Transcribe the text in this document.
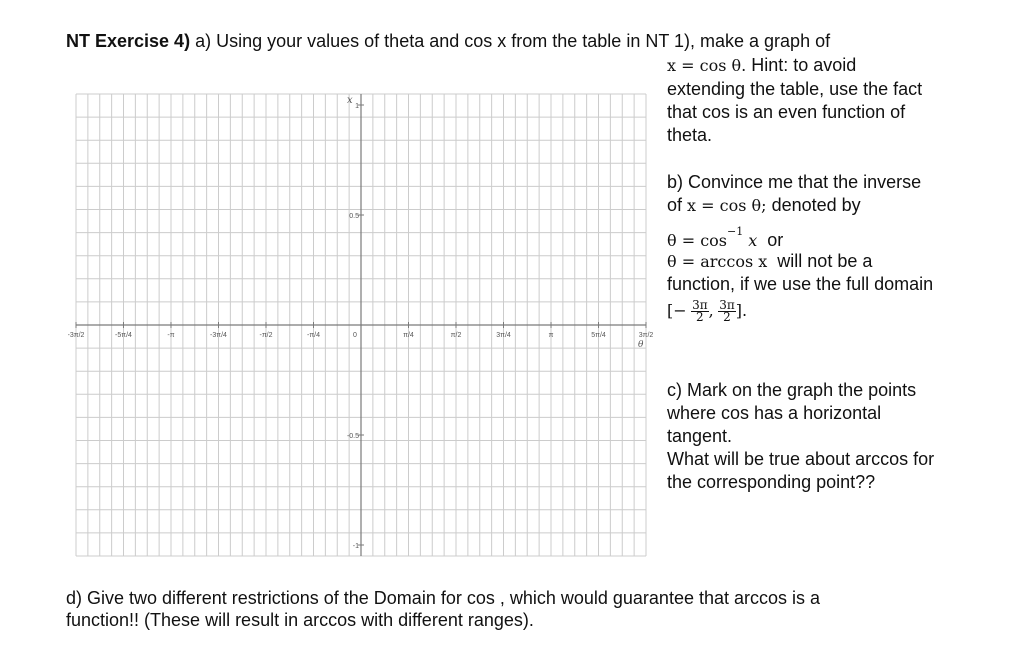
NT Exercise 4) a) Using your values of theta and cos x from the table in NT 1), make a graph of
x = cos θ. Hint: to avoid
extending the table, use the fact
that cos is an even function of
theta.
b) Convince me that the inverse
of x = cos θ; denoted by
$\theta = \cos^{-1} x$ or
θ = arccos x will not be a
function, if we use the full domain
[− $\frac{3\pi}{2}$ , $\frac{3\pi}{2}$ ].
c) Mark on the graph the points
where cos has a horizontal
tangent.
What will be true about arccos for
the corresponding point??
d) Give two different restrictions of the Domain for cos , which would guarantee that arccos is a
function!! (These will result in arccos with different ranges).
-3π/2	-5π/4	-π	-3π/4	-π/2	-π/4	0	π/4	π/2	3π/4	π	5π/4	3π/2
1
0.5
-0.5
-1
x
θ
